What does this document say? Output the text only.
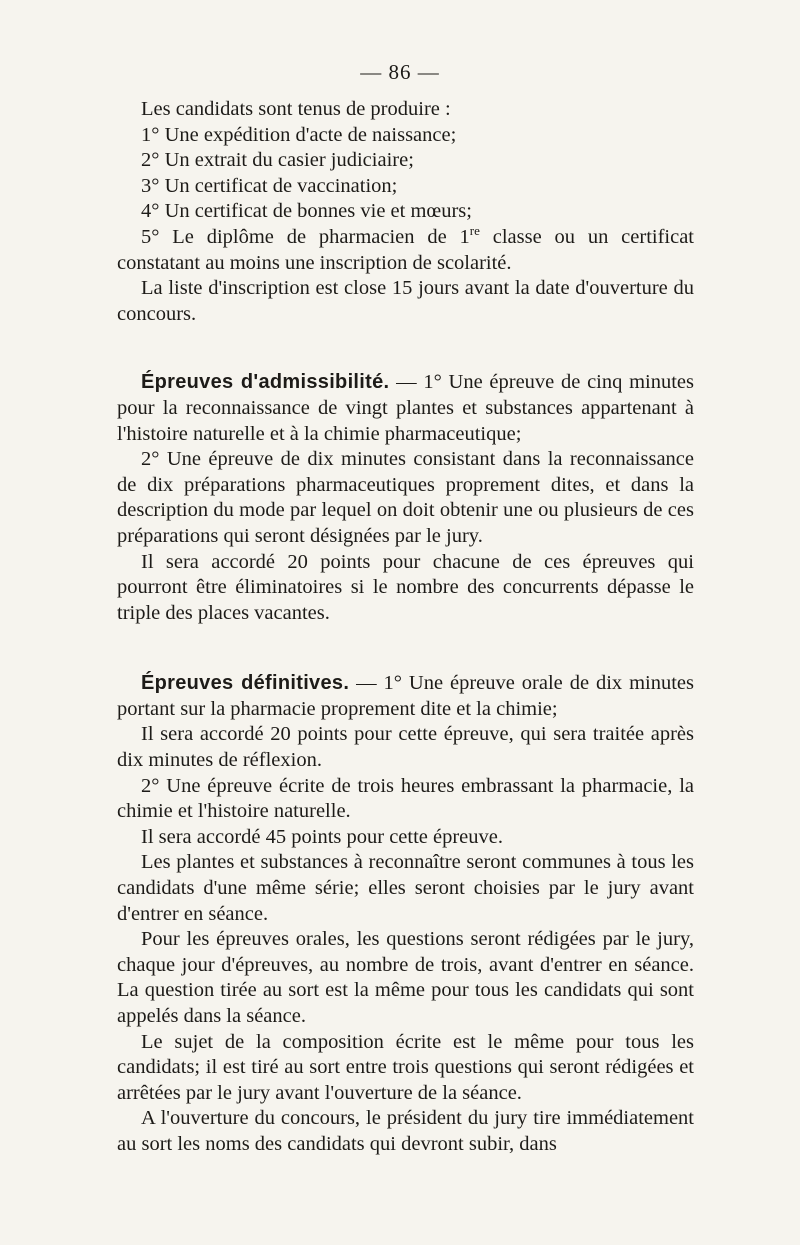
— 86 —

Les candidats sont tenus de produire :

1° Une expédition d'acte de naissance;

2° Un extrait du casier judiciaire;

3° Un certificat de vaccination;

4° Un certificat de bonnes vie et mœurs;

5° Le diplôme de pharmacien de 1re classe ou un certificat constatant au moins une inscription de scolarité.

La liste d'inscription est close 15 jours avant la date d'ouverture du concours.

Épreuves d'admissibilité. — 1° Une épreuve de cinq minutes pour la reconnaissance de vingt plantes et substances appartenant à l'histoire naturelle et à la chimie pharmaceutique;

2° Une épreuve de dix minutes consistant dans la reconnaissance de dix préparations pharmaceutiques proprement dites, et dans la description du mode par lequel on doit obtenir une ou plusieurs de ces préparations qui seront désignées par le jury.

Il sera accordé 20 points pour chacune de ces épreuves qui pourront être éliminatoires si le nombre des concurrents dépasse le triple des places vacantes.

Épreuves définitives. — 1° Une épreuve orale de dix minutes portant sur la pharmacie proprement dite et la chimie;

Il sera accordé 20 points pour cette épreuve, qui sera traitée après dix minutes de réflexion.

2° Une épreuve écrite de trois heures embrassant la pharmacie, la chimie et l'histoire naturelle.

Il sera accordé 45 points pour cette épreuve.

Les plantes et substances à reconnaître seront communes à tous les candidats d'une même série; elles seront choisies par le jury avant d'entrer en séance.

Pour les épreuves orales, les questions seront rédigées par le jury, chaque jour d'épreuves, au nombre de trois, avant d'entrer en séance. La question tirée au sort est la même pour tous les candidats qui sont appelés dans la séance.

Le sujet de la composition écrite est le même pour tous les candidats; il est tiré au sort entre trois questions qui seront rédigées et arrêtées par le jury avant l'ouverture de la séance.

A l'ouverture du concours, le président du jury tire immédiatement au sort les noms des candidats qui devront subir, dans
